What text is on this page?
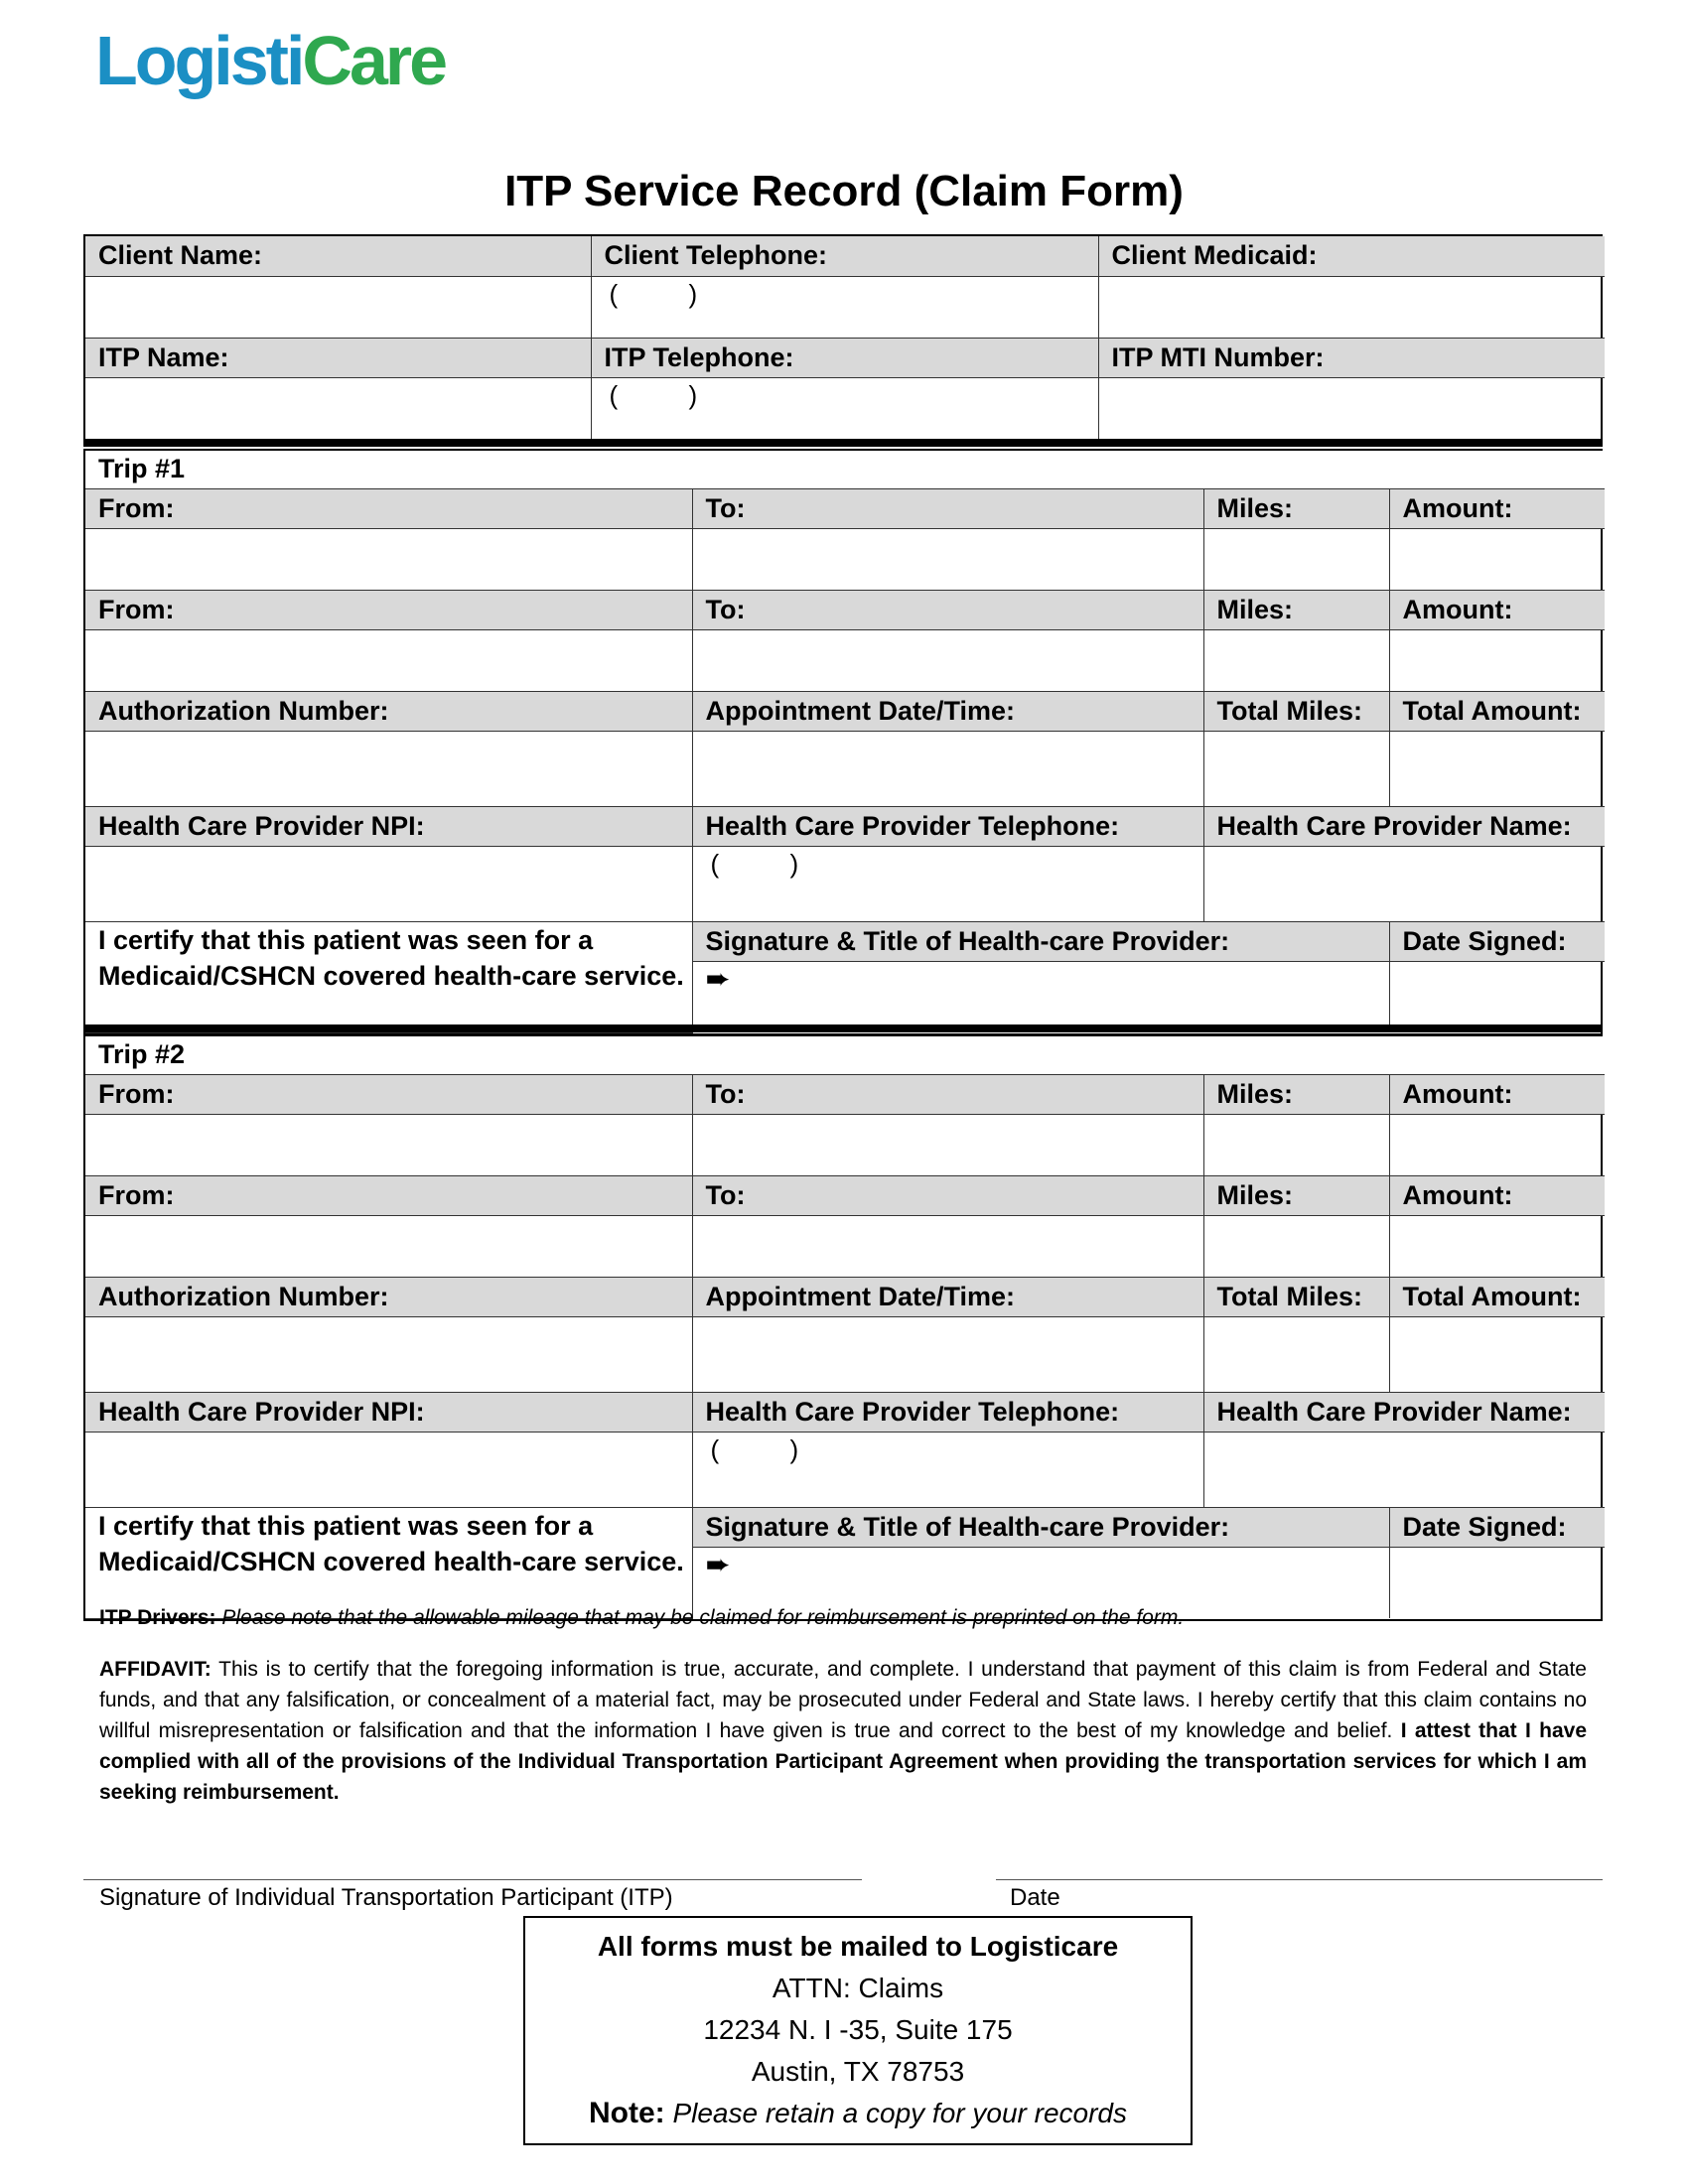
LogistiCare
ITP Service Record (Claim Form)
Client Name:	Client Telephone:	Client Medicaid:
	( )	
ITP Name:	ITP Telephone:	ITP MTI Number:
	( )	
Trip #1			
From:	To:	Miles:	Amount:

From:	To:	Miles:	Amount:

Authorization Number:	Appointment Date/Time:	Total Miles:	Total Amount:

Health Care Provider NPI:	Health Care Provider Telephone:	Health Care Provider Name:	
	( )		
I certify that this patient was seen for a Medicaid/CSHCN covered health-care service.	Signature & Title of Health-care Provider:		Date Signed:
	➨		
Trip #2			
From:	To:	Miles:	Amount:

From:	To:	Miles:	Amount:

Authorization Number:	Appointment Date/Time:	Total Miles:	Total Amount:

Health Care Provider NPI:	Health Care Provider Telephone:	Health Care Provider Name:	
	( )		
I certify that this patient was seen for a Medicaid/CSHCN covered health-care service.	Signature & Title of Health-care Provider:		Date Signed:
	➨		
ITP Drivers: Please note that the allowable mileage that may be claimed for reimbursement is preprinted on the form.
AFFIDAVIT: This is to certify that the foregoing information is true, accurate, and complete. I understand that payment of this claim is from Federal and State funds, and that any falsification, or concealment of a material fact, may be prosecuted under Federal and State laws. I hereby certify that this claim contains no willful misrepresentation or falsification and that the information I have given is true and correct to the best of my knowledge and belief. I attest that I have complied with all of the provisions of the Individual Transportation Participant Agreement when providing the transportation services for which I am seeking reimbursement.
Signature of Individual Transportation Participant (ITP)	Date
All forms must be mailed to Logisticare
ATTN: Claims
12234 N. I -35, Suite 175
Austin, TX 78753
Note: Please retain a copy for your records
